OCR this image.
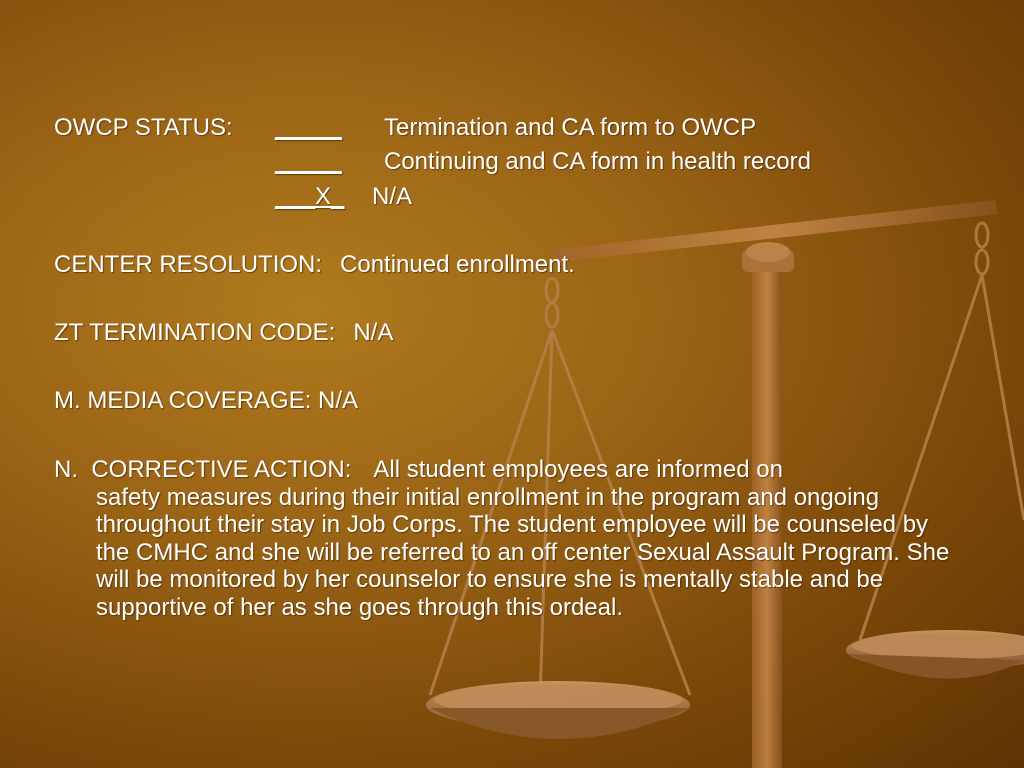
OWCP STATUS: _____ Termination and CA form to OWCP
_____ Continuing and CA form in health record
___X_ N/A
CENTER RESOLUTION: Continued enrollment.
ZT TERMINATION CODE: N/A
M. MEDIA COVERAGE: N/A
N.  CORRECTIVE ACTION: All student employees are informed on
safety measures during their initial enrollment in the program and ongoing throughout their stay in Job Corps. The student employee will be counseled by the CMHC and she will be referred to an off center Sexual Assault Program. She will be monitored by her counselor to ensure she is mentally stable and be supportive of her as she goes through this ordeal.
